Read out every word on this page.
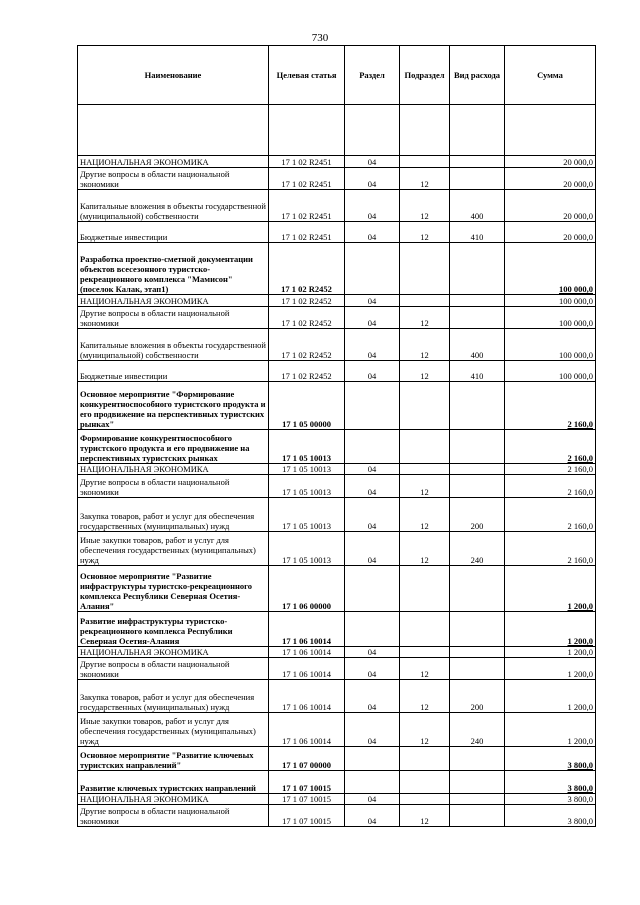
730
Наименование	Целевая статья	Раздел	Подраздел	Вид расхода	Сумма

НАЦИОНАЛЬНАЯ ЭКОНОМИКА	17 1 02 R2451	04			20 000,0
Другие вопросы в области национальной экономики	17 1 02 R2451	04	12		20 000,0
Капитальные вложения в объекты государственной (муниципальной) собственности	17 1 02 R2451	04	12	400	20 000,0
Бюджетные инвестиции	17 1 02 R2451	04	12	410	20 000,0
Разработка проектно-сметной документации объектов всесезонного туристско-рекреационного комплекса "Мамисон" (поселок Калак, этап1)	17 1 02 R2452				100 000,0
НАЦИОНАЛЬНАЯ ЭКОНОМИКА	17 1 02 R2452	04			100 000,0
Другие вопросы в области национальной экономики	17 1 02 R2452	04	12		100 000,0
Капитальные вложения в объекты государственной (муниципальной) собственности	17 1 02 R2452	04	12	400	100 000,0
Бюджетные инвестиции	17 1 02 R2452	04	12	410	100 000,0
Основное мероприятие "Формирование конкурентноспособного туристского продукта и его продвижение на перспективных туристских рынках"	17 1 05 00000				2 160,0
Формирование конкурентноспособного туристского продукта и его продвижение на перспективных туристских рынках	17 1 05 10013				2 160,0
НАЦИОНАЛЬНАЯ ЭКОНОМИКА	17 1 05 10013	04			2 160,0
Другие вопросы в области национальной экономики	17 1 05 10013	04	12		2 160,0
Закупка товаров, работ и услуг для обеспечения государственных (муниципальных) нужд	17 1 05 10013	04	12	200	2 160,0
Иные закупки товаров, работ и услуг для обеспечения государственных (муниципальных) нужд	17 1 05 10013	04	12	240	2 160,0
Основное мероприятие "Развитие инфраструктуры туристско-рекреационного комплекса Республики Северная Осетия-Алания"	17 1 06 00000				1 200,0
Развитие инфраструктуры туристско-рекреационного комплекса Республики Северная Осетия-Алания	17 1 06 10014				1 200,0
НАЦИОНАЛЬНАЯ ЭКОНОМИКА	17 1 06 10014	04			1 200,0
Другие вопросы в области национальной экономики	17 1 06 10014	04	12		1 200,0
Закупка товаров, работ и услуг для обеспечения государственных (муниципальных) нужд	17 1 06 10014	04	12	200	1 200,0
Иные закупки товаров, работ и услуг для обеспечения государственных (муниципальных) нужд	17 1 06 10014	04	12	240	1 200,0
Основное мероприятие "Развитие ключевых туристских направлений"	17 1 07 00000				3 800,0
Развитие ключевых туристских направлений	17 1 07 10015				3 800,0
НАЦИОНАЛЬНАЯ ЭКОНОМИКА	17 1 07 10015	04			3 800,0
Другие вопросы в области национальной экономики	17 1 07 10015	04	12		3 800,0
